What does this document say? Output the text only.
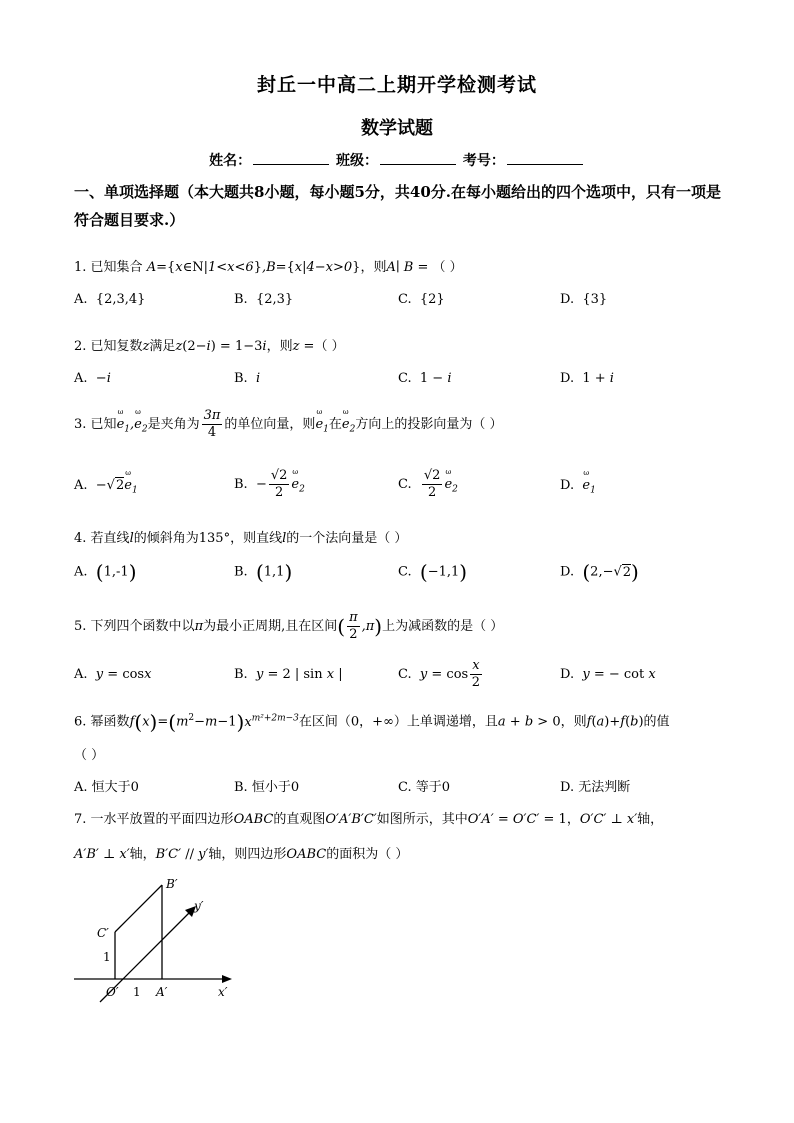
封丘一中高二上期开学检测考试
数学试题
姓名：	班级：	考号：
一、单项选择题（本大题共8小题，每小题5分，共40分.在每小题给出的四个选项中，只有一项是符合题目要求.）
1. 已知集合 A={x∈N|1<x<6},B={x|4−x>0}，则A∣ B = （ ）
A.  {2,3,4}	B.  {2,3}	C.  {2}	D.  {3}
2. 已知复数z满足z(2−i) = 1−3i，则z =（ ）
A.  −i	B.  i	C.  1 − i	D.  1 + i
3. 已知ω $e_1,\omega$ $e_2$是夹角为 $\frac{3\pi}{4}$ 的单位向量，则ω $e_1$在ω $e_2$方向上的投影向量为（ ）
A.  −√2ω $e_1$	B.  − $\frac{√2}{2}$ ω $e_2$	C. $\frac{√2}{2}$ ω $e_2$	D.  ω $e_1$
4. 若直线l的倾斜角为135°，则直线l的一个法向量是（ ）
A.  (1,-1)	B.  (1,1)	C.  (−1,1)	D.  (2,−√2)
5. 下列四个函数中以π为最小正周期,且在区间( $\frac{\pi}{2} ,\pi$)上为减函数的是（ ）
A.  y = cosx	B.  y = 2 | sin x |	C.  $y = \cos \frac{x}{2}$	D.  y = − cot x
6. 幂函数$f(x)=(m^2-m-1)x^{m^2+2m-3}$在区间（0，+∞）上单调递增，且a + b > 0，则f(a)+f(b)的值
（ ）
A. 恒大于0	B. 恒小于0	C. 等于0	D. 无法判断
7. 一水平放置的平面四边形OABC的直观图O′A′B′C′如图所示，其中O′A′ = O′C′ = 1，O′C′ ⊥ x′轴，
A′B′ ⊥ x′轴，B′C′ // y′轴，则四边形OABC的面积为（ ）
B′
C′
y′
1
O′ 1 A′	x′
